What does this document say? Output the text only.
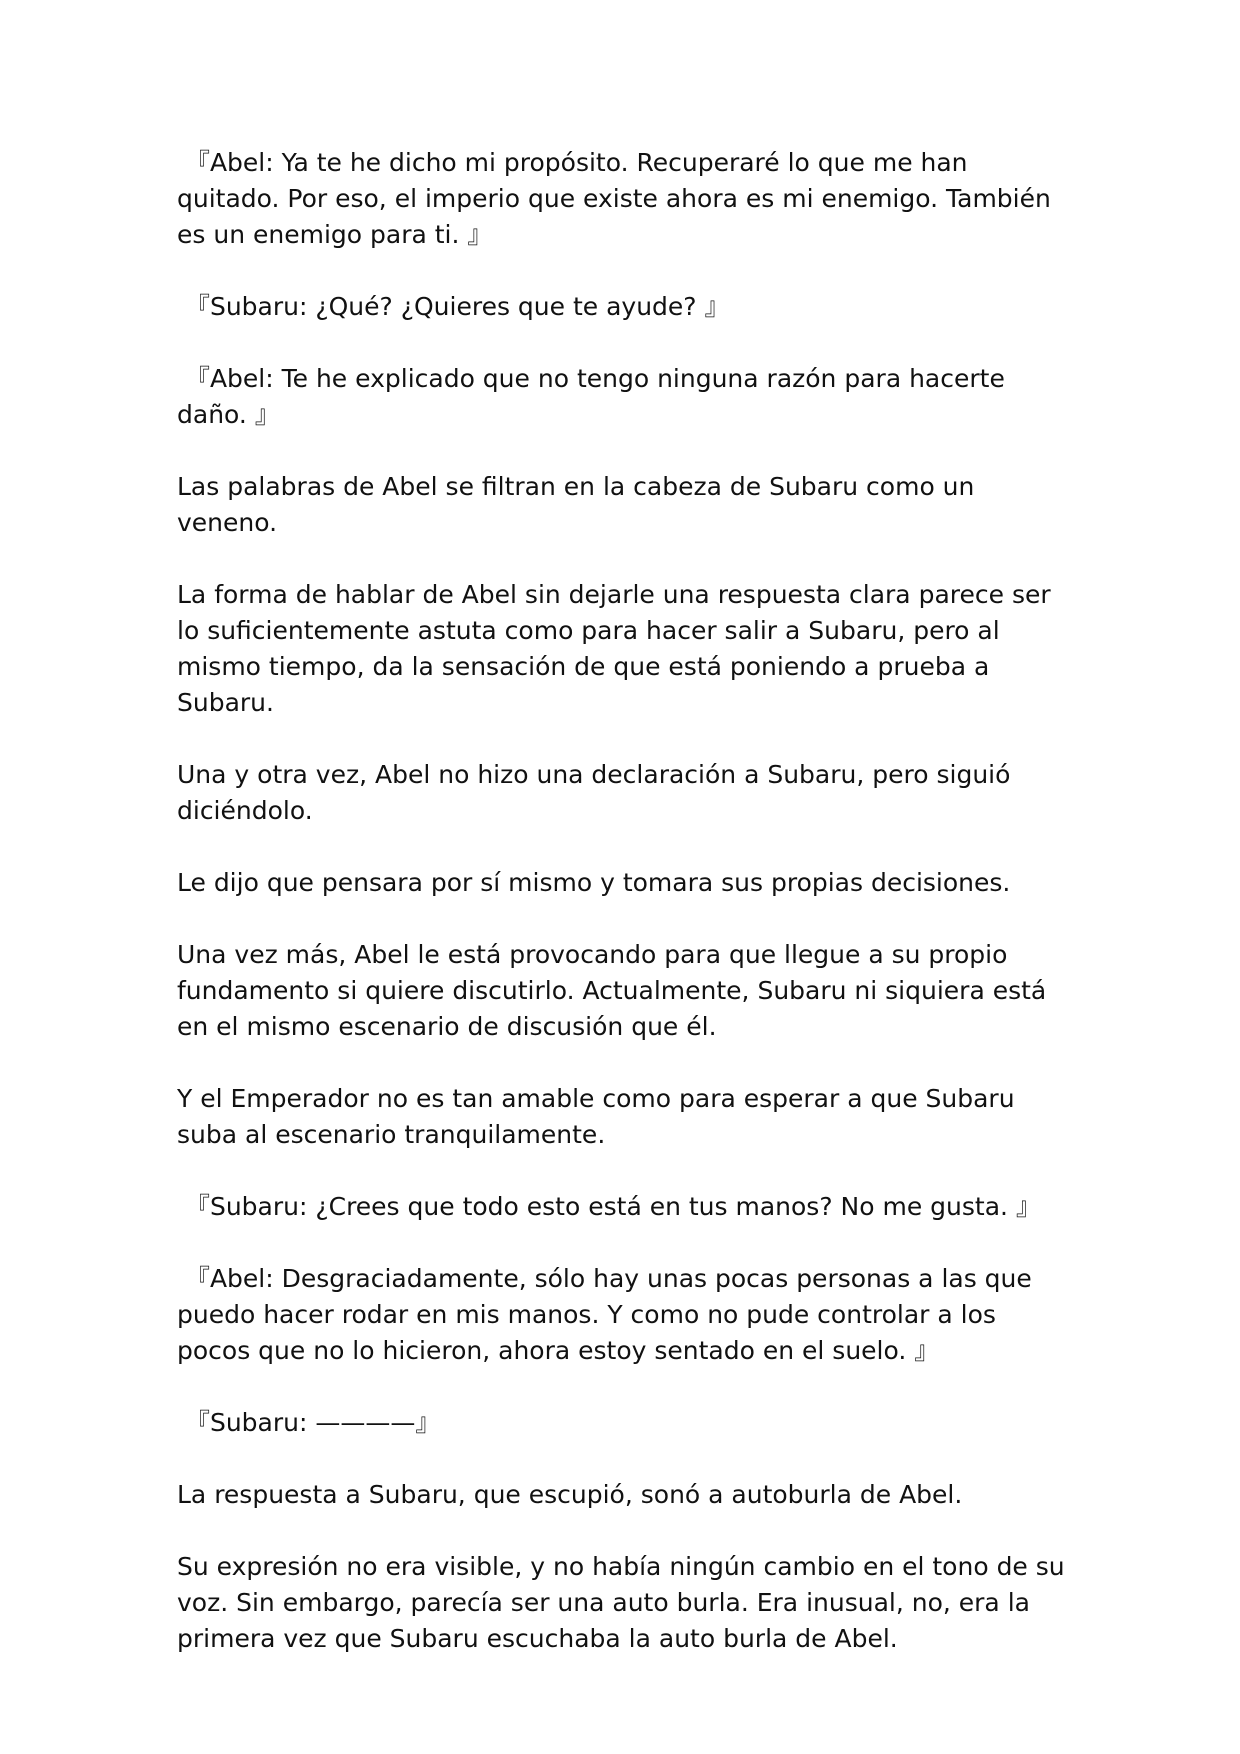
『Abel: Ya te he dicho mi propósito. Recuperaré lo que me han quitado. Por eso, el imperio que existe ahora es mi enemigo. También es un enemigo para ti. 』

『Subaru: ¿Qué? ¿Quieres que te ayude? 』

『Abel: Te he explicado que no tengo ninguna razón para hacerte daño. 』

Las palabras de Abel se filtran en la cabeza de Subaru como un veneno.

La forma de hablar de Abel sin dejarle una respuesta clara parece ser lo suficientemente astuta como para hacer salir a Subaru, pero al mismo tiempo, da la sensación de que está poniendo a prueba a Subaru.

Una y otra vez, Abel no hizo una declaración a Subaru, pero siguió diciéndolo.

Le dijo que pensara por sí mismo y tomara sus propias decisiones.

Una vez más, Abel le está provocando para que llegue a su propio fundamento si quiere discutirlo. Actualmente, Subaru ni siquiera está en el mismo escenario de discusión que él.

Y el Emperador no es tan amable como para esperar a que Subaru suba al escenario tranquilamente.

『Subaru: ¿Crees que todo esto está en tus manos? No me gusta. 』

『Abel: Desgraciadamente, sólo hay unas pocas personas a las que puedo hacer rodar en mis manos. Y como no pude controlar a los pocos que no lo hicieron, ahora estoy sentado en el suelo. 』

『Subaru: ————』

La respuesta a Subaru, que escupió, sonó a autoburla de Abel.

Su expresión no era visible, y no había ningún cambio en el tono de su voz. Sin embargo, parecía ser una auto burla. Era inusual, no, era la primera vez que Subaru escuchaba la auto burla de Abel.
